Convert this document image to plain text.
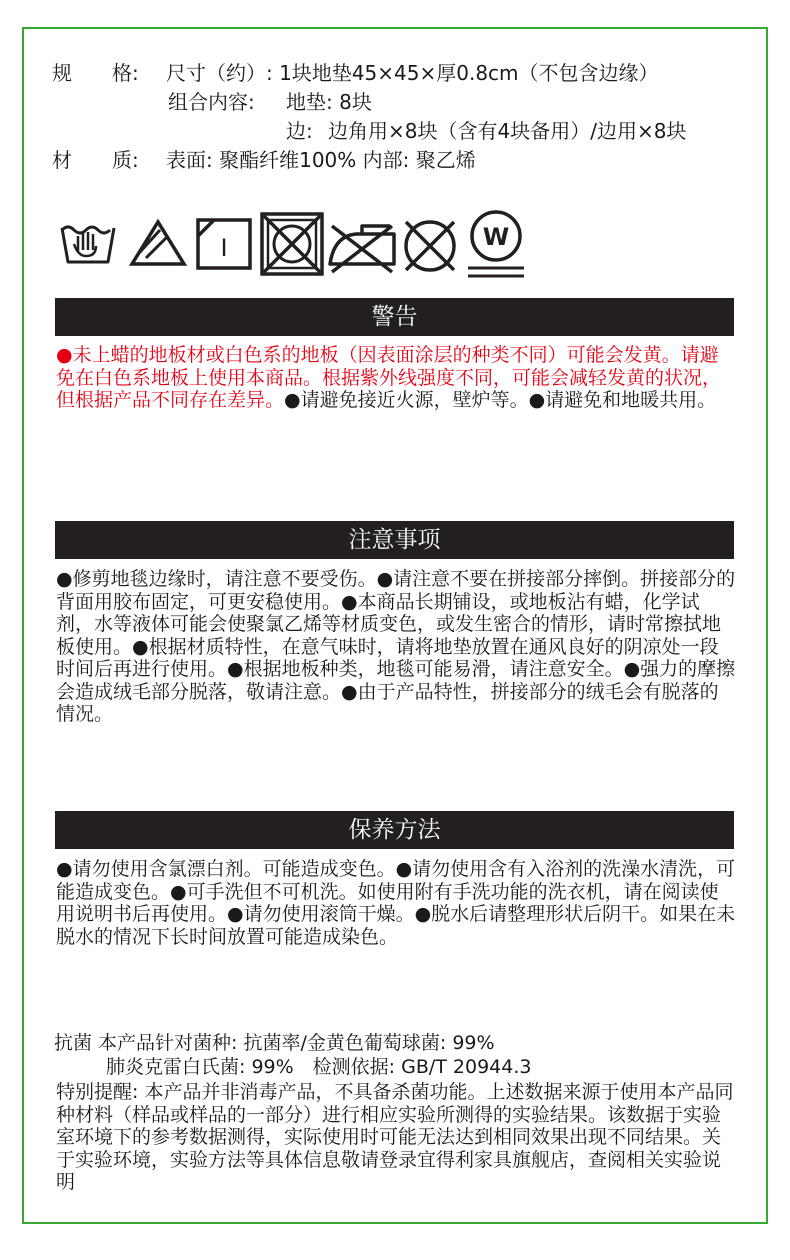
规　　格: 尺寸（约）: 1块地垫45×45×厚0.8cm（不包含边缘）
组合内容: 地垫: 8块
边: 边角用×8块（含有4块备用）/边用×8块
材　　质: 表面: 聚酯纤维100% 内部: 聚乙烯
I	W
警告
●未上蜡的地板材或白色系的地板（因表面涂层的种类不同）可能会发黄。请避免在白色系地板上使用本商品。根据紫外线强度不同，可能会减轻发黄的状况，但根据产品不同存在差异。●请避免接近火源，壁炉等。●请避免和地暖共用。
注意事项
●修剪地毯边缘时，请注意不要受伤。●请注意不要在拼接部分摔倒。拼接部分的背面用胶布固定，可更安稳使用。●本商品长期铺设，或地板沾有蜡，化学试剂，水等液体可能会使聚氯乙烯等材质变色，或发生密合的情形，请时常擦拭地板使用。●根据材质特性，在意气味时，请将地垫放置在通风良好的阴凉处一段时间后再进行使用。●根据地板种类，地毯可能易滑，请注意安全。●强力的摩擦会造成绒毛部分脱落，敬请注意。●由于产品特性，拼接部分的绒毛会有脱落的情况。
保养方法
●请勿使用含氯漂白剂。可能造成变色。●请勿使用含有入浴剂的洗澡水清洗，可能造成变色。●可手洗但不可机洗。如使用附有手洗功能的洗衣机，请在阅读使用说明书后再使用。●请勿使用滚筒干燥。●脱水后请整理形状后阴干。如果在未脱水的情况下长时间放置可能造成染色。
抗菌 本产品针对菌种: 抗菌率/金黄色葡萄球菌: 99%
肺炎克雷白氏菌: 99%　检测依据: GB/T 20944.3
特别提醒: 本产品并非消毒产品，不具备杀菌功能。上述数据来源于使用本产品同种材料（样品或样品的一部分）进行相应实验所测得的实验结果。该数据于实验室环境下的参考数据测得，实际使用时可能无法达到相同效果出现不同结果。关于实验环境，实验方法等具体信息敬请登录宜得利家具旗舰店，查阅相关实验说明
